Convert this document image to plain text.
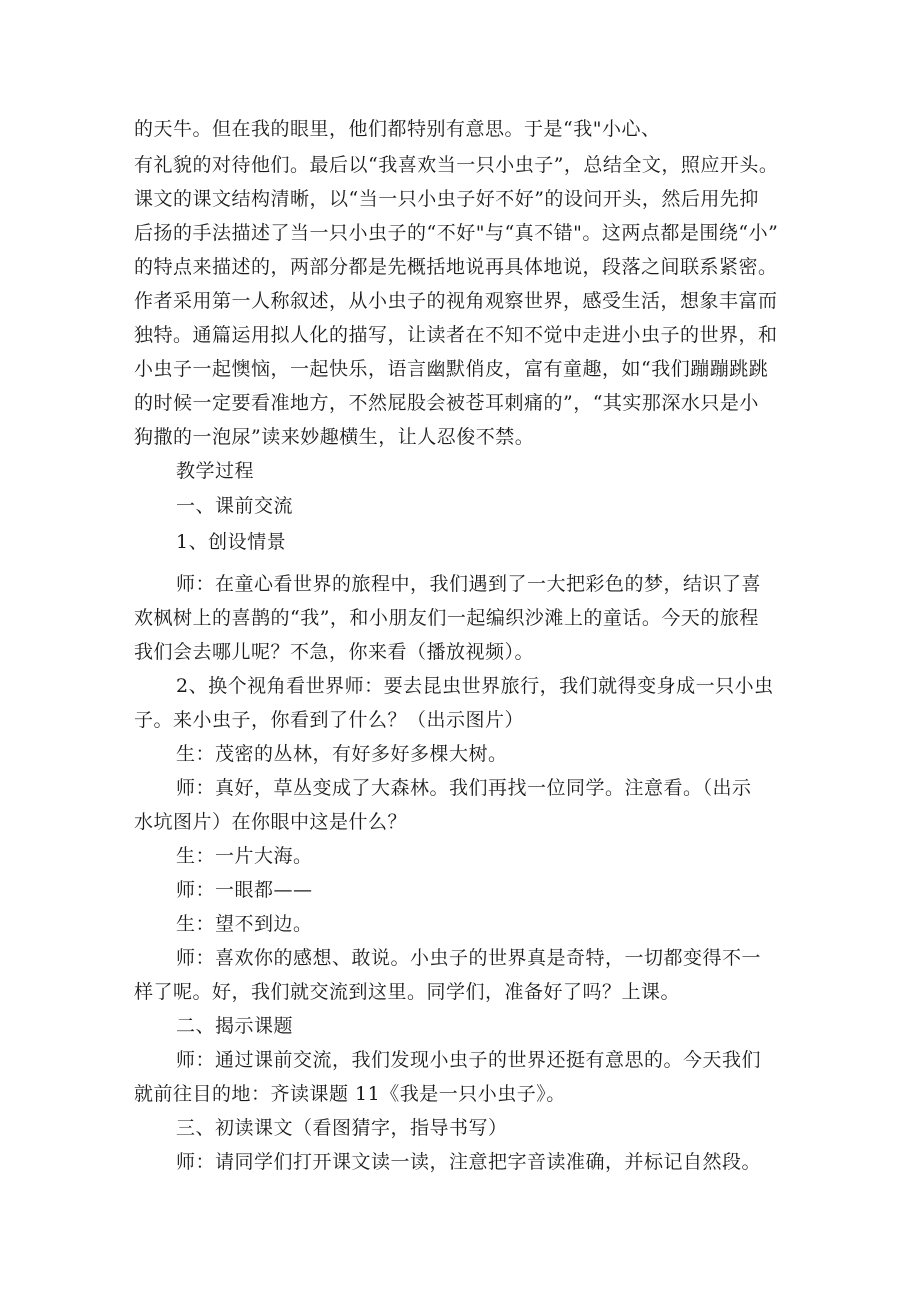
的天牛。但在我的眼里，他们都特别有意思。于是“我"小心、
有礼貌的对待他们。最后以“我喜欢当一只小虫子”，总结全文，照应开头。
课文的课文结构清晰，以“当一只小虫子好不好”的设问开头，然后用先抑
后扬的手法描述了当一只小虫子的“不好"与“真不错"。这两点都是围绕“小”
的特点来描述的，两部分都是先概括地说再具体地说，段落之间联系紧密。
作者采用第一人称叙述，从小虫子的视角观察世界，感受生活，想象丰富而
独特。通篇运用拟人化的描写，让读者在不知不觉中走进小虫子的世界，和
小虫子一起懊恼，一起快乐，语言幽默俏皮，富有童趣，如“我们蹦蹦跳跳
的时候一定要看准地方，不然屁股会被苍耳刺痛的”，“其实那深水只是小
狗撒的一泡尿”读来妙趣横生，让人忍俊不禁。
教学过程
一、课前交流
1、创设情景
师：在童心看世界的旅程中，我们遇到了一大把彩色的梦，结识了喜
欢枫树上的喜鹊的“我”，和小朋友们一起编织沙滩上的童话。今天的旅程
我们会去哪儿呢？不急，你来看（播放视频）。
2、换个视角看世界师：要去昆虫世界旅行，我们就得变身成一只小虫
子。来小虫子，你看到了什么？（出示图片）
生：茂密的丛林，有好多好多棵大树。
师：真好，草丛变成了大森林。我们再找一位同学。注意看。（出示
水坑图片）在你眼中这是什么？
生：一片大海。
师：一眼都——
生：望不到边。
师：喜欢你的感想、敢说。小虫子的世界真是奇特，一切都变得不一
样了呢。好，我们就交流到这里。同学们，准备好了吗？上课。
二、揭示课题
师：通过课前交流，我们发现小虫子的世界还挺有意思的。今天我们
就前往目的地：齐读课题 11《我是一只小虫子》。
三、初读课文（看图猜字，指导书写）
师：请同学们打开课文读一读，注意把字音读准确，并标记自然段。
